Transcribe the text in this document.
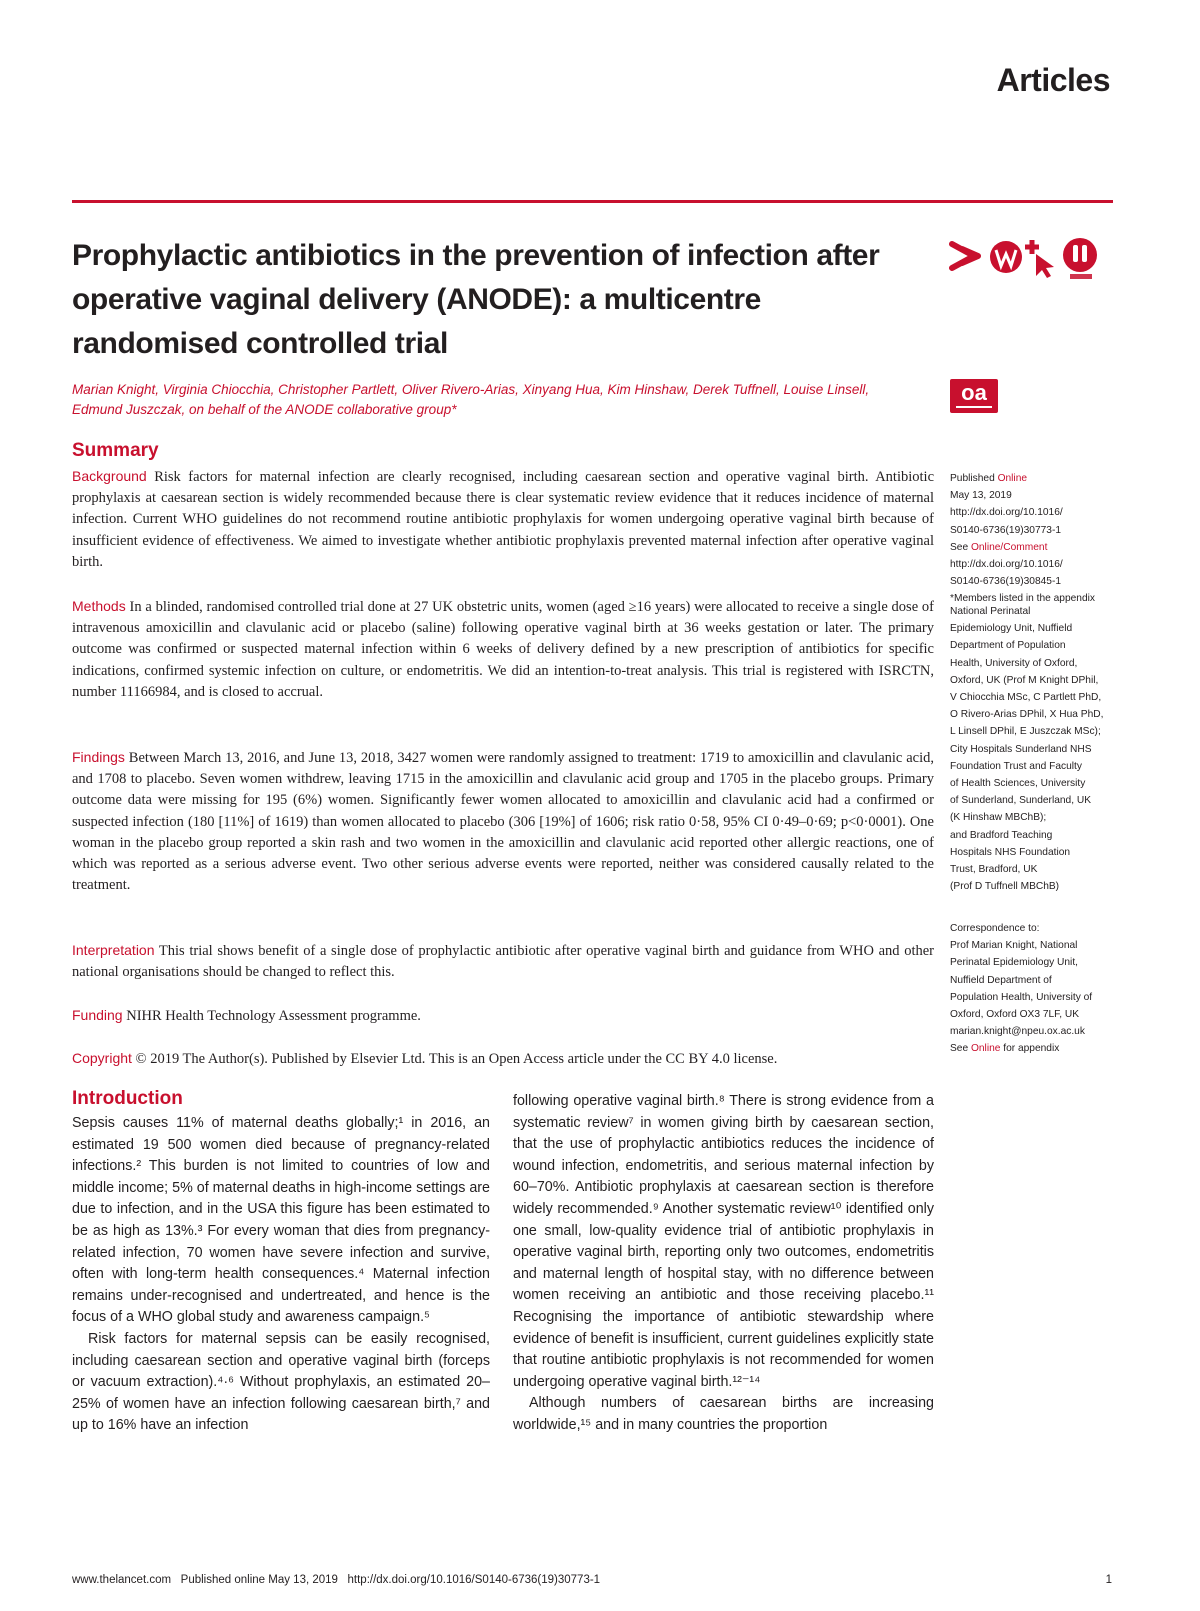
Articles
Prophylactic antibiotics in the prevention of infection after operative vaginal delivery (ANODE): a multicentre randomised controlled trial
Marian Knight, Virginia Chiocchia, Christopher Partlett, Oliver Rivero-Arias, Xinyang Hua, Kim Hinshaw, Derek Tuffnell, Louise Linsell, Edmund Juszczak, on behalf of the ANODE collaborative group*
oa
Summary
Background Risk factors for maternal infection are clearly recognised, including caesarean section and operative vaginal birth. Antibiotic prophylaxis at caesarean section is widely recommended because there is clear systematic review evidence that it reduces incidence of maternal infection. Current WHO guidelines do not recommend routine antibiotic prophylaxis for women undergoing operative vaginal birth because of insufficient evidence of effectiveness. We aimed to investigate whether antibiotic prophylaxis prevented maternal infection after operative vaginal birth.
Methods In a blinded, randomised controlled trial done at 27 UK obstetric units, women (aged ≥16 years) were allocated to receive a single dose of intravenous amoxicillin and clavulanic acid or placebo (saline) following operative vaginal birth at 36 weeks gestation or later. The primary outcome was confirmed or suspected maternal infection within 6 weeks of delivery defined by a new prescription of antibiotics for specific indications, confirmed systemic infection on culture, or endometritis. We did an intention-to-treat analysis. This trial is registered with ISRCTN, number 11166984, and is closed to accrual.
Findings Between March 13, 2016, and June 13, 2018, 3427 women were randomly assigned to treatment: 1719 to amoxicillin and clavulanic acid, and 1708 to placebo. Seven women withdrew, leaving 1715 in the amoxicillin and clavulanic acid group and 1705 in the placebo groups. Primary outcome data were missing for 195 (6%) women. Significantly fewer women allocated to amoxicillin and clavulanic acid had a confirmed or suspected infection (180 [11%] of 1619) than women allocated to placebo (306 [19%] of 1606; risk ratio 0·58, 95% CI 0·49–0·69; p<0·0001). One woman in the placebo group reported a skin rash and two women in the amoxicillin and clavulanic acid reported other allergic reactions, one of which was reported as a serious adverse event. Two other serious adverse events were reported, neither was considered causally related to the treatment.
Interpretation This trial shows benefit of a single dose of prophylactic antibiotic after operative vaginal birth and guidance from WHO and other national organisations should be changed to reflect this.
Funding NIHR Health Technology Assessment programme.
Copyright © 2019 The Author(s). Published by Elsevier Ltd. This is an Open Access article under the CC BY 4.0 license.
Published Online
May 13, 2019
http://dx.doi.org/10.1016/
S0140-6736(19)30773-1
See Online/Comment
http://dx.doi.org/10.1016/
S0140-6736(19)30845-1
*Members listed in the appendix
National Perinatal
Epidemiology Unit, Nuffield
Department of Population
Health, University of Oxford,
Oxford, UK (Prof M Knight DPhil,
V Chiocchia MSc, C Partlett PhD,
O Rivero-Arias DPhil, X Hua PhD,
L Linsell DPhil, E Juszczak MSc);
City Hospitals Sunderland NHS
Foundation Trust and Faculty
of Health Sciences, University
of Sunderland, Sunderland, UK
(K Hinshaw MBChB);
and Bradford Teaching
Hospitals NHS Foundation
Trust, Bradford, UK
(Prof D Tuffnell MBChB)
Correspondence to:
Prof Marian Knight, National
Perinatal Epidemiology Unit,
Nuffield Department of
Population Health, University of
Oxford, Oxford OX3 7LF, UK
marian.knight@npeu.ox.ac.uk
See Online for appendix
Introduction

Sepsis causes 11% of maternal deaths globally;¹ in 2016, an estimated 19 500 women died because of pregnancy-related infections.² This burden is not limited to countries of low and middle income; 5% of maternal deaths in high-income settings are due to infection, and in the USA this figure has been estimated to be as high as 13%.³ For every woman that dies from pregnancy-related infection, 70 women have severe infection and survive, often with long-term health consequences.⁴ Maternal infection remains under-recognised and undertreated, and hence is the focus of a WHO global study and awareness campaign.⁵

Risk factors for maternal sepsis can be easily recognised, including caesarean section and operative vaginal birth (forceps or vacuum extraction).⁴·⁶ Without prophylaxis, an estimated 20–25% of women have an infection following caesarean birth,⁷ and up to 16% have an infection

following operative vaginal birth.⁸ There is strong evidence from a systematic review⁷ in women giving birth by caesarean section, that the use of prophylactic antibiotics reduces the incidence of wound infection, endometritis, and serious maternal infection by 60–70%. Antibiotic prophylaxis at caesarean section is therefore widely recommended.⁹ Another systematic review¹⁰ identified only one small, low-quality evidence trial of antibiotic prophylaxis in operative vaginal birth, reporting only two outcomes, endometritis and maternal length of hospital stay, with no difference between women receiving an antibiotic and those receiving placebo.¹¹ Recognising the importance of antibiotic stewardship where evidence of benefit is insufficient, current guidelines explicitly state that routine antibiotic prophylaxis is not recommended for women undergoing operative vaginal birth.¹²⁻¹⁴

Although numbers of caesarean births are increasing worldwide,¹⁵ and in many countries the proportion

www.thelancet.com   Published online May 13, 2019   http://dx.doi.org/10.1016/S0140-6736(19)30773-1	1
